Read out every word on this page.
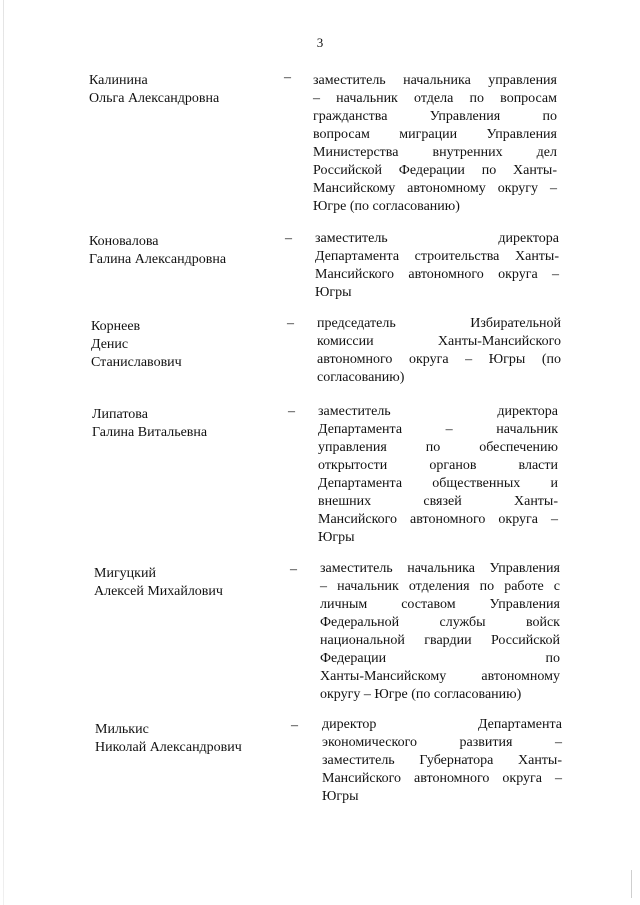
3
Калинина
Ольга Александровна
– заместитель начальника управления
– начальник отдела по вопросам
гражданства Управления по
вопросам миграции Управления
Министерства внутренних дел
Российской Федерации по Ханты-
Мансийскому автономному округу –
Югре (по согласованию)
Коновалова
Галина Александровна
– заместитель директора
Департамента строительства Ханты-
Мансийского автономного округа –
Югры
Корнеев
Денис
Станиславович
– председатель Избирательной
комиссии Ханты-Мансийского
автономного округа – Югры (по
согласованию)
Липатова
Галина Витальевна
– заместитель директора
Департамента – начальник
управления по обеспечению
открытости органов власти
Департамента общественных и
внешних связей Ханты-
Мансийского автономного округа –
Югры
Мигуцкий
Алексей Михайлович
– заместитель начальника Управления
– начальник отделения по работе с
личным составом Управления
Федеральной службы войск
национальной гвардии Российской
Федерации по
Ханты-Мансийскому автономному
округу – Югре (по согласованию)
Милькис
Николай Александрович
– директор Департамента
экономического развития –
заместитель Губернатора Ханты-
Мансийского автономного округа –
Югры
